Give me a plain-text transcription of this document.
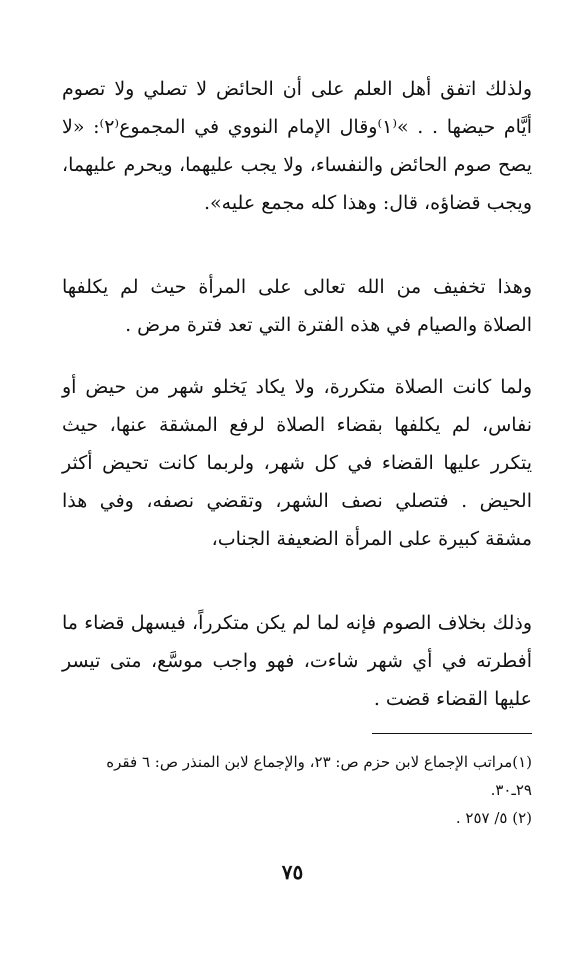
ولذلك اتفق أهل العلم على أن الحائض لا تصلي ولا تصوم أيَّام حيضها . . »⁽١⁾وقال الإمام النووي في المجموع⁽٢⁾: «لا يصح صوم الحائض والنفساء، ولا يجب عليهما، ويحرم عليهما، ويجب قضاؤه، قال: وهذا كله مجمع عليه».

وهذا تخفيف من الله تعالى على المرأة حيث لم يكلفها الصلاة والصيام في هذه الفترة التي تعد فترة مرض .

ولما كانت الصلاة متكررة، ولا يكاد يَخلو شهر من حيض أو نفاس، لم يكلفها بقضاء الصلاة لرفع المشقة عنها، حيث يتكرر عليها القضاء في كل شهر، ولربما كانت تحيض أكثر الحيض . فتصلي نصف الشهر، وتقضي نصفه، وفي هذا مشقة كبيرة على المرأة الضعيفة الجناب،

وذلك بخلاف الصوم فإنه لما لم يكن متكرراً، فيسهل قضاء ما أفطرته في أي شهر شاءت، فهو واجب موسَّع، متى تيسر عليها القضاء قضت .

(١)مراتب الإجماع لابن حزم ص: ٢٣، والإجماع لابن المنذر ص: ٦ فقره ٢٩ـ٣٠.

(٢) ٥/ ٢٥٧ .

٧٥
